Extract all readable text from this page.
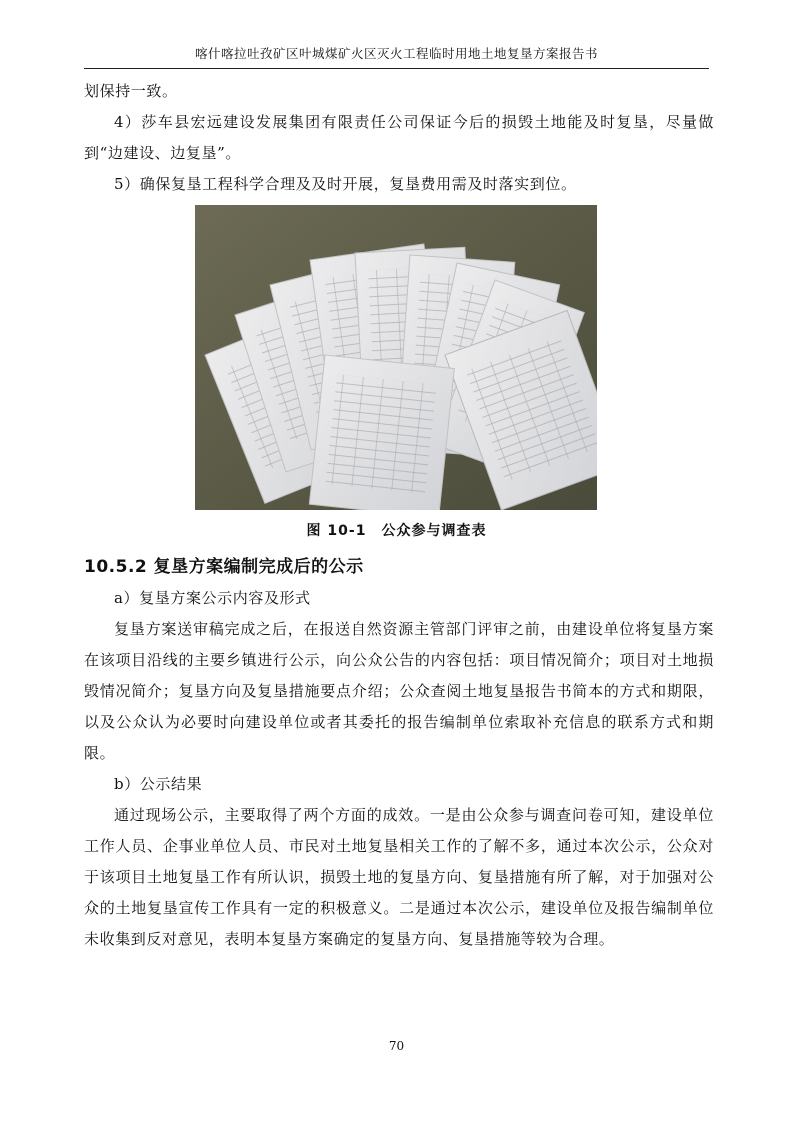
喀什喀拉吐孜矿区叶城煤矿火区灭火工程临时用地土地复垦方案报告书

划保持一致。

4）莎车县宏远建设发展集团有限责任公司保证今后的损毁土地能及时复垦，尽量做到“边建设、边复垦”。

5）确保复垦工程科学合理及及时开展，复垦费用需及时落实到位。

图 10-1　公众参与调查表
10.5.2 复垦方案编制完成后的公示

a）复垦方案公示内容及形式

复垦方案送审稿完成之后，在报送自然资源主管部门评审之前，由建设单位将复垦方案在该项目沿线的主要乡镇进行公示，向公众公告的内容包括：项目情况简介；项目对土地损毁情况简介；复垦方向及复垦措施要点介绍；公众查阅土地复垦报告书简本的方式和期限，以及公众认为必要时向建设单位或者其委托的报告编制单位索取补充信息的联系方式和期限。

b）公示结果

通过现场公示，主要取得了两个方面的成效。一是由公众参与调查问卷可知，建设单位工作人员、企事业单位人员、市民对土地复垦相关工作的了解不多，通过本次公示，公众对于该项目土地复垦工作有所认识，损毁土地的复垦方向、复垦措施有所了解，对于加强对公众的土地复垦宣传工作具有一定的积极意义。二是通过本次公示，建设单位及报告编制单位未收集到反对意见，表明本复垦方案确定的复垦方向、复垦措施等较为合理。

70
